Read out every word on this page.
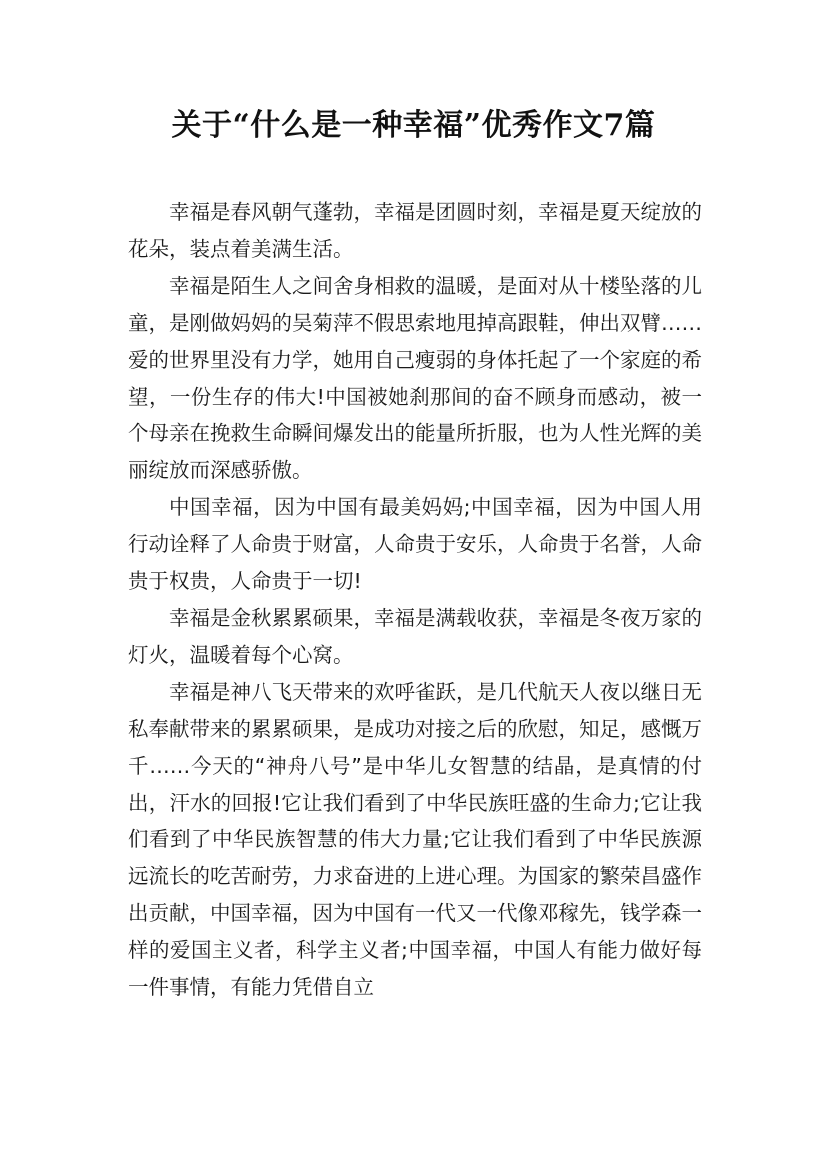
关于“什么是一种幸福”优秀作文7篇

幸福是春风朝气蓬勃，幸福是团圆时刻，幸福是夏天绽放的花朵，装点着美满生活。

幸福是陌生人之间舍身相救的温暖，是面对从十楼坠落的儿童，是刚做妈妈的吴菊萍不假思索地甩掉高跟鞋，伸出双臂……爱的世界里没有力学，她用自己瘦弱的身体托起了一个家庭的希望，一份生存的伟大!中国被她刹那间的奋不顾身而感动，被一个母亲在挽救生命瞬间爆发出的能量所折服，也为人性光辉的美丽绽放而深感骄傲。

中国幸福，因为中国有最美妈妈;中国幸福，因为中国人用行动诠释了人命贵于财富，人命贵于安乐，人命贵于名誉，人命贵于权贵，人命贵于一切!

幸福是金秋累累硕果，幸福是满载收获，幸福是冬夜万家的灯火，温暖着每个心窝。

幸福是神八飞天带来的欢呼雀跃，是几代航天人夜以继日无私奉献带来的累累硕果，是成功对接之后的欣慰，知足，感慨万千……今天的“神舟八号”是中华儿女智慧的结晶，是真情的付出，汗水的回报!它让我们看到了中华民族旺盛的生命力;它让我们看到了中华民族智慧的伟大力量;它让我们看到了中华民族源远流长的吃苦耐劳，力求奋进的上进心理。为国家的繁荣昌盛作出贡献，中国幸福，因为中国有一代又一代像邓稼先，钱学森一样的爱国主义者，科学主义者;中国幸福，中国人有能力做好每一件事情，有能力凭借自立
